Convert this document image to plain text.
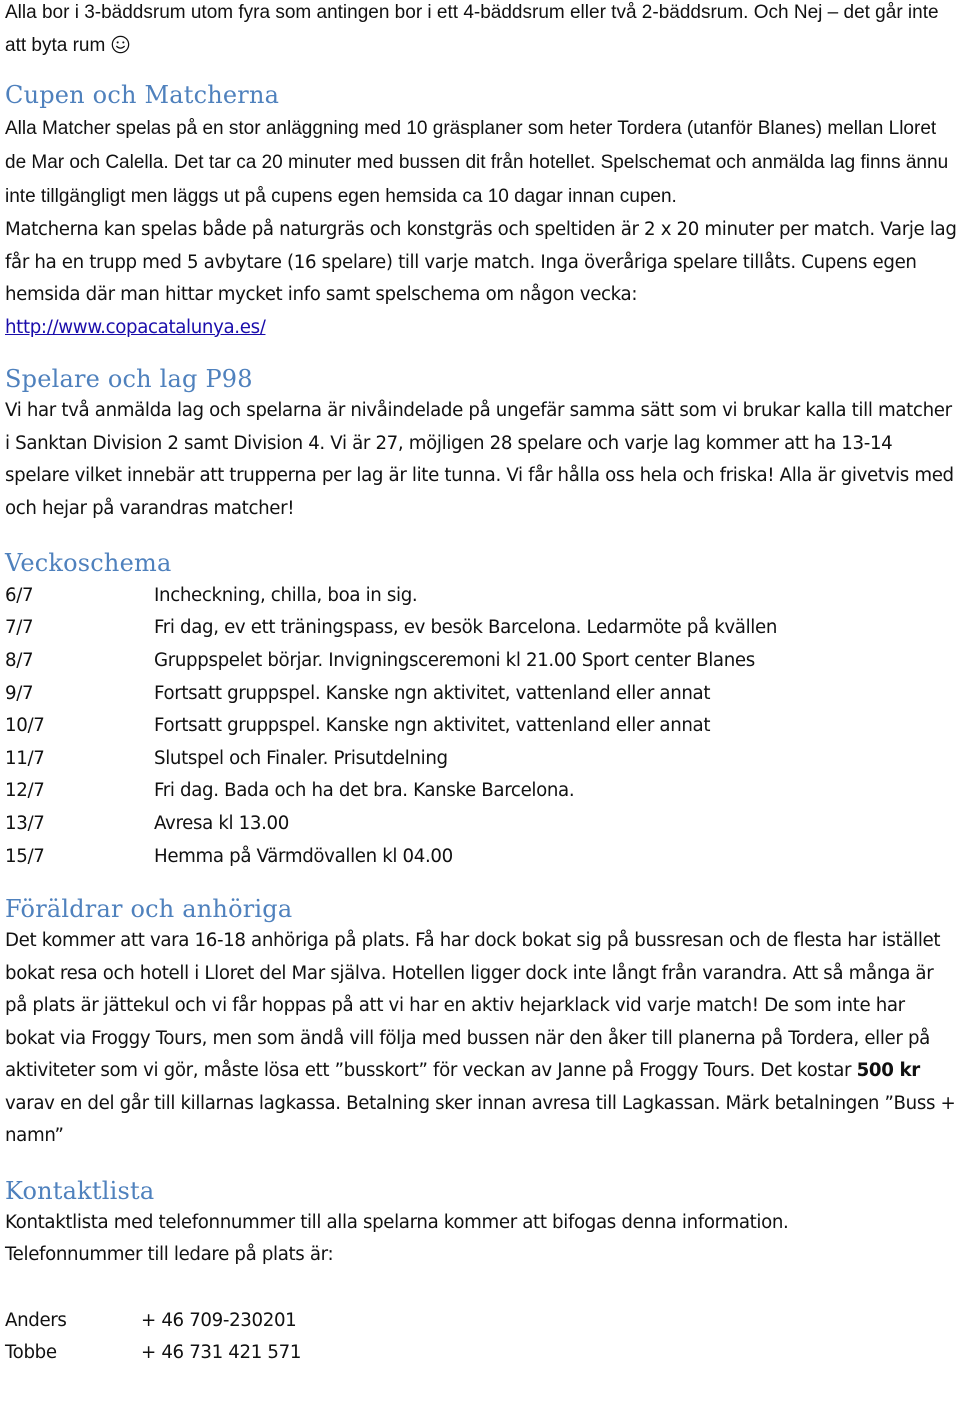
Alla bor i 3-bäddsrum utom fyra som antingen bor i ett 4-bäddsrum eller två 2-bäddsrum. Och Nej – det går inte att byta rum

Cupen och Matcherna

Alla Matcher spelas på en stor anläggning med 10 gräsplaner som heter Tordera (utanför Blanes) mellan Lloret de Mar och Calella. Det tar ca 20 minuter med bussen dit från hotellet. Spelschemat och anmälda lag finns ännu inte tillgängligt men läggs ut på cupens egen hemsida ca 10 dagar innan cupen.

Matcherna kan spelas både på naturgräs och konstgräs och speltiden är 2 x 20 minuter per match. Varje lag får ha en trupp med 5 avbytare (16 spelare) till varje match. Inga överåriga spelare tillåts. Cupens egen hemsida där man hittar mycket info samt spelschema om någon vecka:
http://www.copacatalunya.es/

Spelare och lag P98

Vi har två anmälda lag och spelarna är nivåindelade på ungefär samma sätt som vi brukar kalla till matcher i Sanktan Division 2 samt Division 4. Vi är 27, möjligen 28 spelare och varje lag kommer att ha 13-14 spelare vilket innebär att trupperna per lag är lite tunna. Vi får hålla oss hela och friska! Alla är givetvis med och hejar på varandras matcher!

Veckoschema
6/7	Incheckning, chilla, boa in sig.
7/7	Fri dag, ev ett träningspass, ev besök Barcelona. Ledarmöte på kvällen
8/7	Gruppspelet börjar. Invigningsceremoni kl 21.00 Sport center Blanes
9/7	Fortsatt gruppspel. Kanske ngn aktivitet, vattenland eller annat
10/7	Fortsatt gruppspel. Kanske ngn aktivitet, vattenland eller annat
11/7	Slutspel och Finaler. Prisutdelning
12/7	Fri dag. Bada och ha det bra. Kanske Barcelona.
13/7	Avresa kl 13.00
15/7	Hemma på Värmdövallen kl 04.00
Föräldrar och anhöriga

Det kommer att vara 16-18 anhöriga på plats. Få har dock bokat sig på bussresan och de flesta har istället bokat resa och hotell i Lloret del Mar själva. Hotellen ligger dock inte långt från varandra. Att så många är på plats är jättekul och vi får hoppas på att vi har en aktiv hejarklack vid varje match! De som inte har bokat via Froggy Tours, men som ändå vill följa med bussen när den åker till planerna på Tordera, eller på aktiviteter som vi gör, måste lösa ett ”busskort” för veckan av Janne på Froggy Tours. Det kostar 500 kr varav en del går till killarnas lagkassa. Betalning sker innan avresa till Lagkassan. Märk betalningen ”Buss + namn”

Kontaktlista

Kontaktlista med telefonnummer till alla spelarna kommer att bifogas denna information.

Telefonnummer till ledare på plats är:

Anders	+ 46 709-230201
Tobbe	+ 46 731 421 571
